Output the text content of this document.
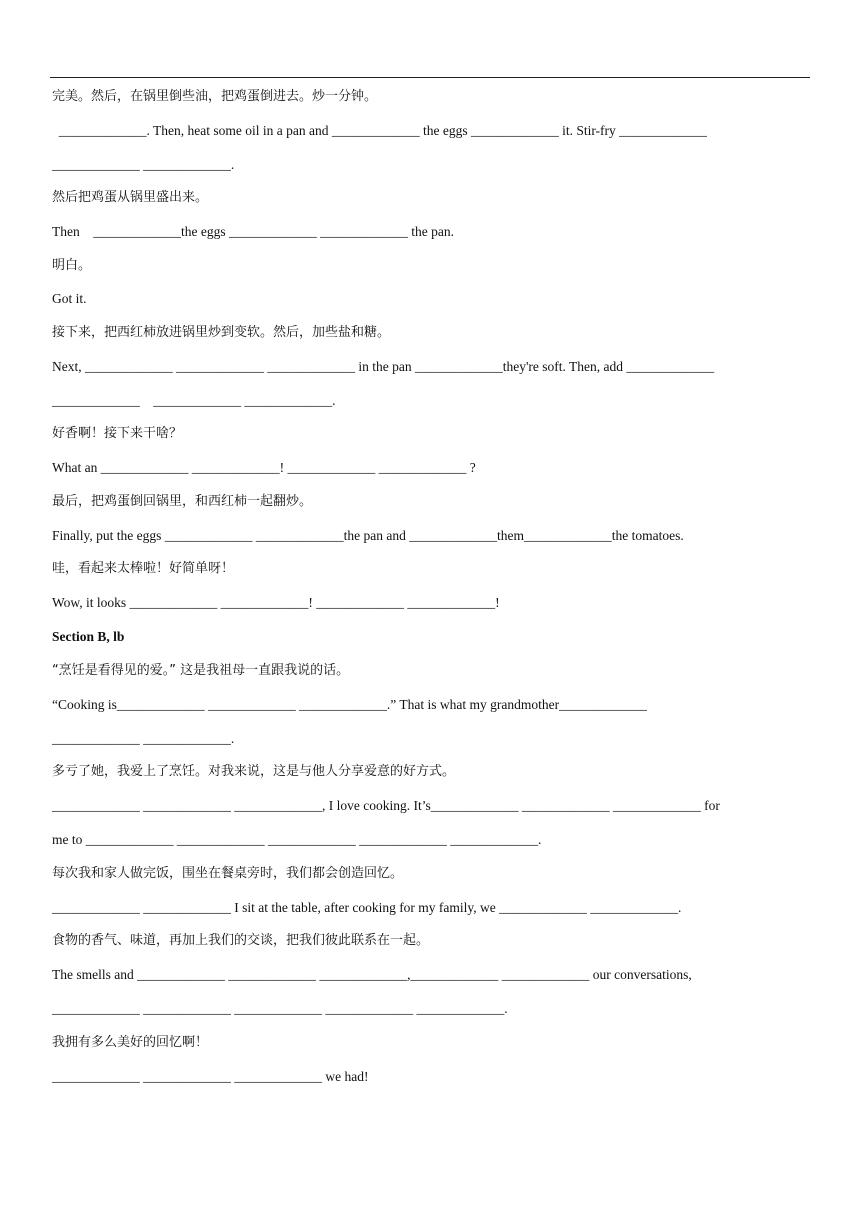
完美。然后，在锅里倒些油，把鸡蛋倒进去。炒一分钟。
_____________. Then, heat some oil in a pan and _____________ the eggs _____________ it. Stir-fry _____________
_____________ _____________.
然后把鸡蛋从锅里盛出来。
Then    _____________the eggs _____________ _____________ the pan.
明白。
Got it.
接下来，把西红柿放进锅里炒到变软。然后，加些盐和糖。
Next, _____________ _____________ _____________ in the pan _____________they're soft. Then, add _____________
_____________    _____________ _____________.
好香啊！接下来干啥？
What an _____________ _____________! _____________ _____________ ?
最后，把鸡蛋倒回锅里，和西红柿一起翻炒。
Finally, put the eggs _____________ _____________the pan and _____________them_____________the tomatoes.
哇，看起来太棒啦！好简单呀！
Wow, it looks _____________ _____________! _____________ _____________!
Section B, lb
“烹饪是看得见的爱。” 这是我祖母一直跟我说的话。
“Cooking is_____________ _____________ _____________.” That is what my grandmother_____________
_____________ _____________.
多亏了她，我爱上了烹饪。对我来说，这是与他人分享爱意的好方式。
_____________ _____________ _____________, I love cooking. It’s_____________ _____________ _____________ for
me to _____________ _____________ _____________ _____________ _____________.
每次我和家人做完饭，围坐在餐桌旁时，我们都会创造回忆。
_____________ _____________ I sit at the table, after cooking for my family, we _____________ _____________.
食物的香气、味道，再加上我们的交谈，把我们彼此联系在一起。
The smells and _____________ _____________ _____________,_____________ _____________ our conversations,
_____________ _____________ _____________ _____________ _____________.
我拥有多么美好的回忆啊！
_____________ _____________ _____________ we had!
